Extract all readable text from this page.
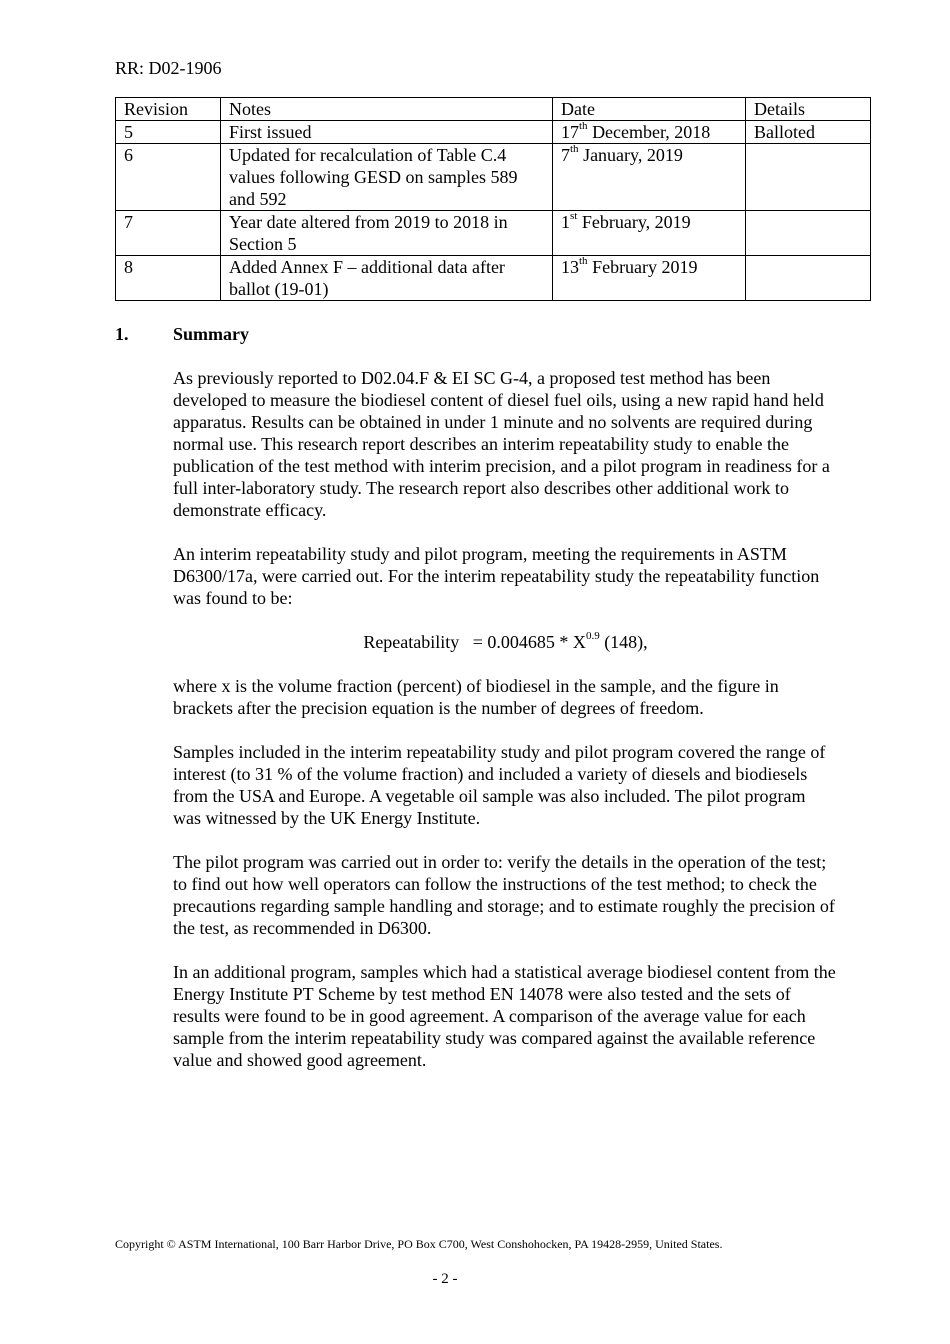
RR: D02-1906
Revision	Notes	Date	Details
5	First issued	17th December, 2018	Balloted
6	Updated for recalculation of Table C.4 values following GESD on samples 589 and 592	7th January, 2019	
7	Year date altered from 2019 to 2018 in Section 5	1st February, 2019	
8	Added Annex F – additional data after ballot (19-01)	13th February 2019	
1. Summary

As previously reported to D02.04.F & EI SC G-4, a proposed test method has been developed to measure the biodiesel content of diesel fuel oils, using a new rapid hand held apparatus. Results can be obtained in under 1 minute and no solvents are required during normal use. This research report describes an interim repeatability study to enable the publication of the test method with interim precision, and a pilot program in readiness for a full inter-laboratory study. The research report also describes other additional work to demonstrate efficacy.

An interim repeatability study and pilot program, meeting the requirements in ASTM D6300/17a, were carried out. For the interim repeatability study the repeatability function was found to be:

Repeatability = $0.004685 * X^{0.9}$ (148),

where x is the volume fraction (percent) of biodiesel in the sample, and the figure in brackets after the precision equation is the number of degrees of freedom.

Samples included in the interim repeatability study and pilot program covered the range of interest (to 31 % of the volume fraction) and included a variety of diesels and biodiesels from the USA and Europe. A vegetable oil sample was also included. The pilot program was witnessed by the UK Energy Institute.

The pilot program was carried out in order to: verify the details in the operation of the test; to find out how well operators can follow the instructions of the test method; to check the precautions regarding sample handling and storage; and to estimate roughly the precision of the test, as recommended in D6300.

In an additional program, samples which had a statistical average biodiesel content from the Energy Institute PT Scheme by test method EN 14078 were also tested and the sets of results were found to be in good agreement. A comparison of the average value for each sample from the interim repeatability study was compared against the available reference value and showed good agreement.

Copyright © ASTM International, 100 Barr Harbor Drive, PO Box C700, West Conshohocken, PA 19428-2959, United States.
- 2 -
